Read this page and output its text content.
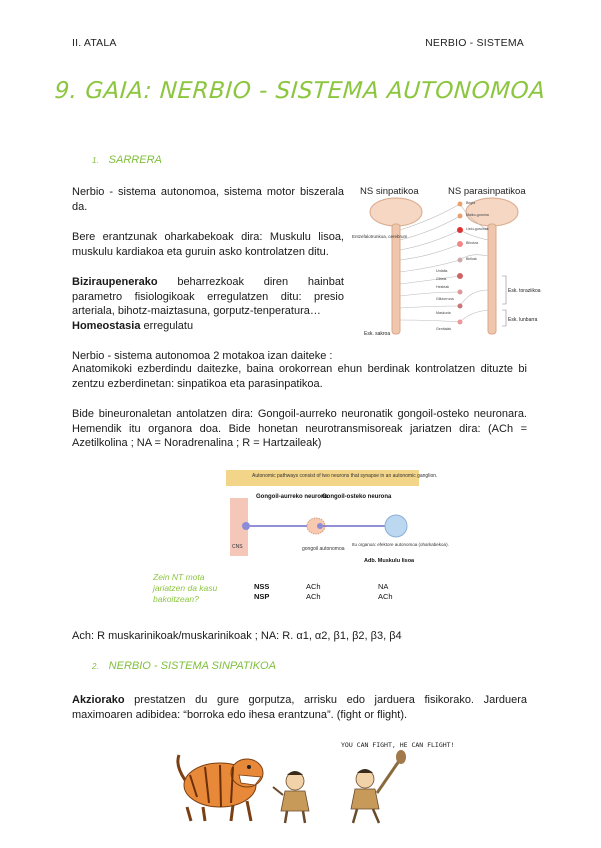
II. ATALA	NERBIO - SISTEMA
9. GAIA: NERBIO - SISTEMA AUTONOMOA
1. SARRERA
Nerbio - sistema autonomoa, sistema motor biszerala da.
Bere erantzunak oharkabekoak dira: Muskulu lisoa, muskulu kardiakoa eta guruin asko kontrolatzen ditu.
Biziraupenerako beharrezkoak diren hainbat parametro fisiologikoak erregulatzen ditu: presio arteriala, bihotz-maiztasuna, gorputz-tenperatura…
Homeostasia erregulatu
NS sinpatikoa	NS parasinpatikoa
Entzefalotrunkoa, cerebrum
Begia
Malko-guruina
Listu-guruinak
Bihotza
Birikak
Urdaila
Gibela
Hesteak
Giltzurruna
Maskuria
Genitalak
Esk. toraziikoa
Esk. lunbarra
Esk. sakroa
Nerbio - sistema autonomoa 2 motakoa izan daiteke :
Anatomikoki ezberdindu daitezke, baina orokorrean ehun berdinak kontrolatzen dituzte bi zentzu ezberdinetan: sinpatikoa eta parasinpatikoa.
Bide bineuronaletan antolatzen dira: Gongoil-aurreko neuronatik gongoil-osteko neuronara. Hemendik itu organora doa. Bide honetan neurotransmisoreak jariatzen dira: (ACh = Azetilkolina ; NA = Noradrenalina ; R = Hartzaileak)
Autonomic pathways consist of two neurons that synapse in an autonomic ganglion.
Gongoil-aurreko neurona
Gongoil-osteko neurona
CNS	gongoil autonomoa
Itu organoa: efektore autonomoa (oharkabekoa).
Adb. Muskulu lisoa
Zein NT mota jariatzen da kasu bakoitzean?
NSS	ACh	NA
NSP	ACh	ACh
Ach: R muskarinikoak/muskarinikoak ; NA: R. α1, α2, β1, β2, β3, β4
2. NERBIO - SISTEMA SINPATIKOA
Akziorako prestatzen du gure gorputza, arrisku edo jarduera fisikorako. Jarduera maximoaren adibidea: “borroka edo ihesa erantzuna”. (fight or flight).
YOU CAN FIGHT, HE CAN FLIGHT!
